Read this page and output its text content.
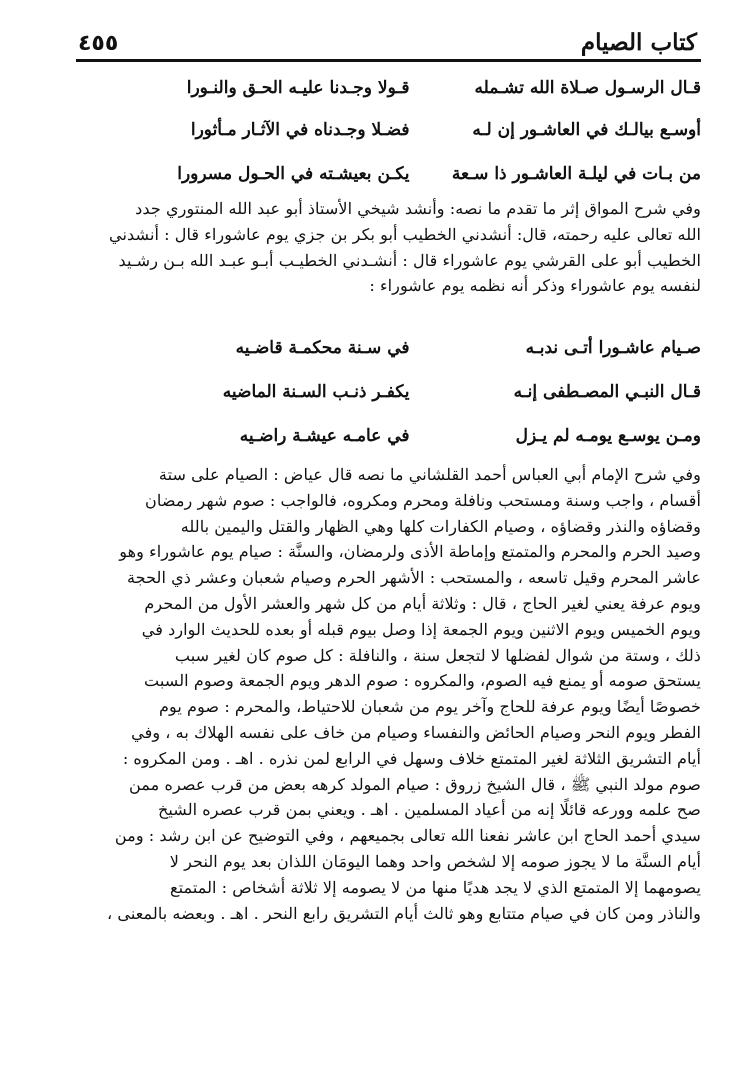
كتاب الصيام
٤٥٥
قـال الرسـول صـلاة الله تشـمله
قـولا وجـدنا عليـه الحـق والنـورا
أوسـع بيالـك في العاشـور إن لـه
فضـلا وجـدناه في الآثـار مـأثورا
من بـات في ليلـة العاشـور ذا سـعة
يكـن بعيشـته في الحـول مسرورا
وفي شرح المواق إثر ما تقدم ما نصه: وأنشد شيخي الأستاذ أبو عبد الله المنتوري جدد
الله تعالى عليه رحمته، قال: أنشدني الخطيب أبو بكر بن جزي يوم عاشوراء قال : أنشدني
الخطيب أبو على القرشي يوم عاشوراء قال : أنشـدني الخطيـب أبـو عبـد الله بـن رشـيد
لنفسه يوم عاشوراء وذكر أنه نظمه يوم عاشوراء :
صـيام عاشـورا أتـى ندبـه
في سـنة محكمـة قاضـيه
قـال النبـي المصـطفى إنـه
يكفـر ذنـب السـنة الماضيه
ومـن يوسـع يومـه لم يـزل
في عامـه عيشـة راضـيه
وفي شرح الإمام أبي العباس أحمد القلشاني ما نصه قال عياض : الصيام على ستة
أقسام ، واجب وسنة ومستحب ونافلة ومحرم ومكروه، فالواجب : صوم شهر رمضان
وقضاؤه والنذر وقضاؤه ، وصيام الكفارات كلها وهي الظهار والقتل واليمين بالله
وصيد الحرم والمحرم والمتمتع وإماطة الأذى ولرمضان، والسنَّة : صيام يوم عاشوراء وهو
عاشر المحرم وقيل تاسعه ، والمستحب : الأشهر الحرم وصيام شعبان وعشر ذي الحجة
ويوم عرفة يعني لغير الحاج ، قال : وثلاثة أيام من كل شهر والعشر الأول من المحرم
ويوم الخميس ويوم الاثنين ويوم الجمعة إذا وصل بيوم قبله أو بعده للحديث الوارد في
ذلك ، وستة من شوال لفضلها لا لتجعل سنة ، والنافلة : كل صوم كان لغير سبب
يستحق صومه أو يمنع فيه الصوم، والمكروه : صوم الدهر ويوم الجمعة وصوم السبت
خصوصًا أيضًا ويوم عرفة للحاج وآخر يوم من شعبان للاحتياط، والمحرم : صوم يوم
الفطر ويوم النحر وصيام الحائض والنفساء وصيام من خاف على نفسه الهلاك به ، وفي
أيام التشريق الثلاثة لغير المتمتع خلاف وسهل في الرابع لمن نذره . اهـ . ومن المكروه :
صوم مولد النبي ﷺ ، قال الشيخ زروق : صيام المولد كرهه بعض من قرب عصره ممن
صح علمه وورعه قائلًا إنه من أعياد المسلمين . اهـ . ويعني بمن قرب عصره الشيخ
سيدي أحمد الحاج ابن عاشر نفعنا الله تعالى بجميعهم ، وفي التوضيح عن ابن رشد : ومن
أيام السنَّة ما لا يجوز صومه إلا لشخص واحد وهما اليومَان اللذان بعد يوم النحر لا
يصومهما إلا المتمتع الذي لا يجد هديًا منها من لا يصومه إلا ثلاثة أشخاص : المتمتع
والناذر ومن كان في صيام متتابع وهو ثالث أيام التشريق رابع النحر . اهـ . وبعضه بالمعنى ،
